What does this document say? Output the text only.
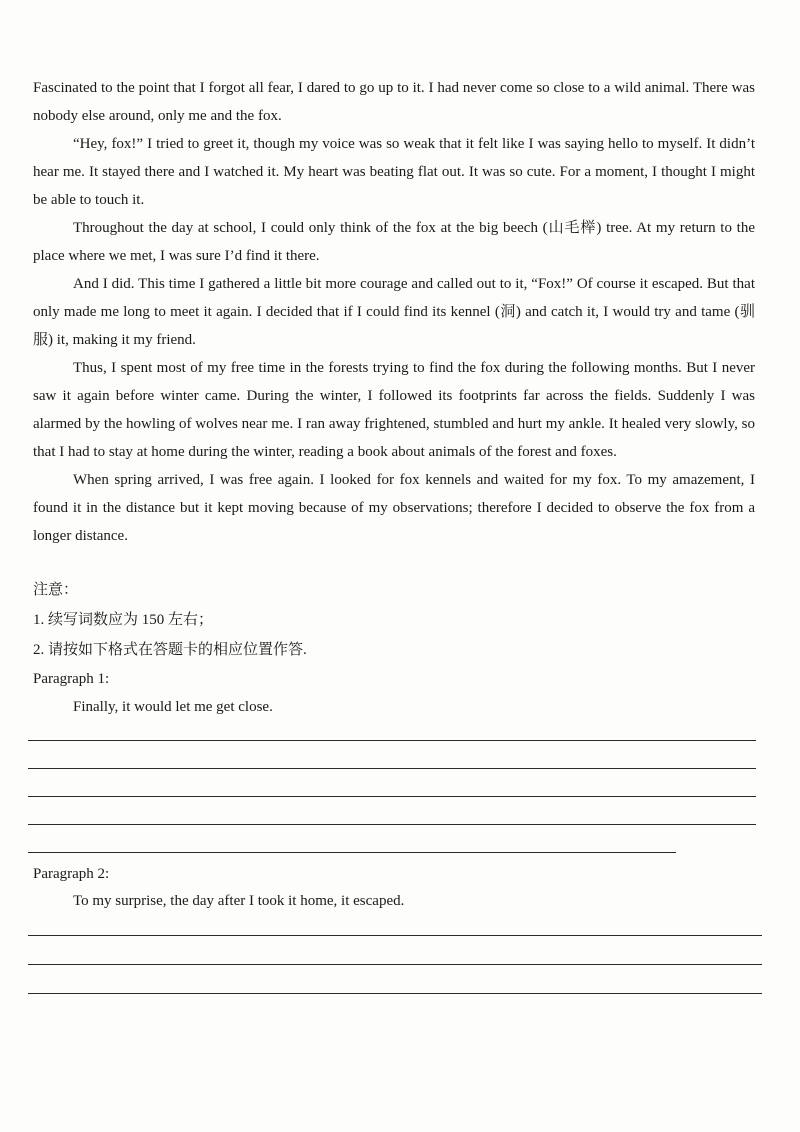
Fascinated to the point that I forgot all fear, I dared to go up to it. I had never come so close to a wild animal. There was nobody else around, only me and the fox.

“Hey, fox!” I tried to greet it, though my voice was so weak that it felt like I was saying hello to myself. It didn’t hear me. It stayed there and I watched it. My heart was beating flat out. It was so cute. For a moment, I thought I might be able to touch it.

Throughout the day at school, I could only think of the fox at the big beech (山毛榉) tree. At my return to the place where we met, I was sure I’d find it there.

And I did. This time I gathered a little bit more courage and called out to it, “Fox!” Of course it escaped. But that only made me long to meet it again. I decided that if I could find its kennel (洞) and catch it, I would try and tame (驯服) it, making it my friend.

Thus, I spent most of my free time in the forests trying to find the fox during the following months. But I never saw it again before winter came. During the winter, I followed its footprints far across the fields. Suddenly I was alarmed by the howling of wolves near me. I ran away frightened, stumbled and hurt my ankle. It healed very slowly, so that I had to stay at home during the winter, reading a book about animals of the forest and foxes.

When spring arrived, I was free again. I looked for fox kennels and waited for my fox. To my amazement, I found it in the distance but it kept moving because of my observations; therefore I decided to observe the fox from a longer distance.

注意：
1. 续写词数应为 150 左右；
2. 请按如下格式在答题卡的相应位置作答.
Paragraph 1:
Finally, it would let me get close.
Paragraph 2:
To my surprise, the day after I took it home, it escaped.
